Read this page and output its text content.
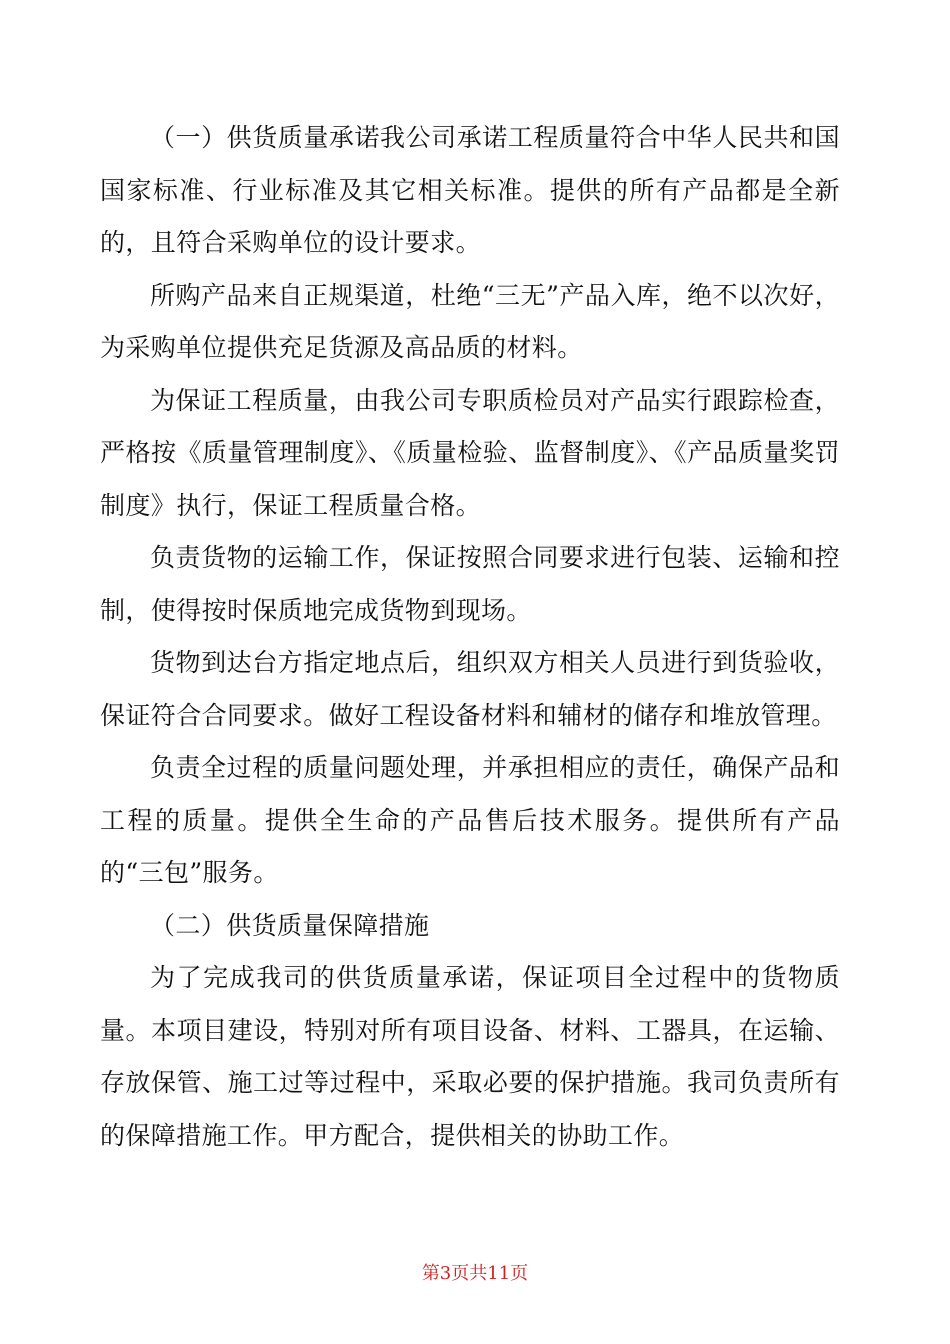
（一）供货质量承诺我公司承诺工程质量符合中华人民共和国国家标准、行业标准及其它相关标准。提供的所有产品都是全新的，且符合采购单位的设计要求。

所购产品来自正规渠道，杜绝“三无”产品入库，绝不以次好，为采购单位提供充足货源及高品质的材料。

为保证工程质量，由我公司专职质检员对产品实行跟踪检查，严格按《质量管理制度》、《质量检验、监督制度》、《产品质量奖罚制度》执行，保证工程质量合格。

负责货物的运输工作，保证按照合同要求进行包装、运输和控制，使得按时保质地完成货物到现场。

货物到达台方指定地点后，组织双方相关人员进行到货验收，保证符合合同要求。做好工程设备材料和辅材的储存和堆放管理。

负责全过程的质量问题处理，并承担相应的责任，确保产品和工程的质量。提供全生命的产品售后技术服务。提供所有产品的“三包”服务。

（二）供货质量保障措施

为了完成我司的供货质量承诺，保证项目全过程中的货物质量。本项目建设，特别对所有项目设备、材料、工器具，在运输、存放保管、施工过等过程中，采取必要的保护措施。我司负责所有的保障措施工作。甲方配合，提供相关的协助工作。

第3页共11页
